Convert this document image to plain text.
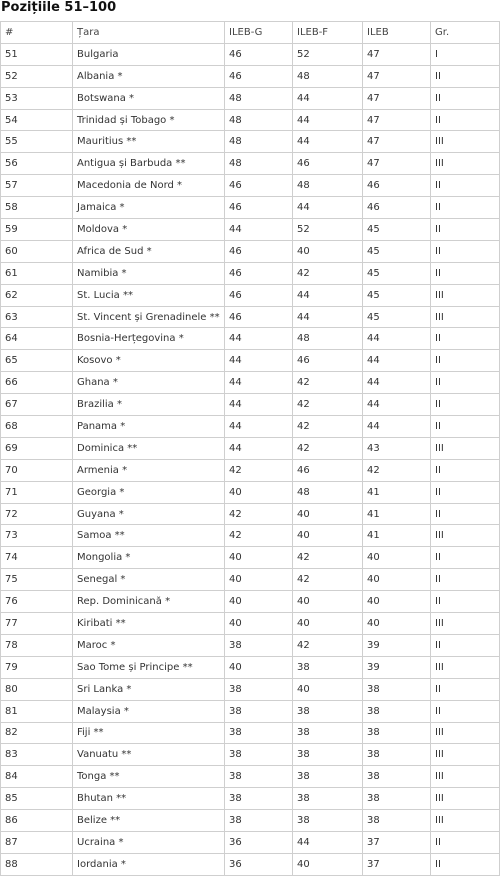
Pozițiile 51–100
#	Țara	ILEB-G	ILEB-F	ILEB	Gr.
51	Bulgaria	46	52	47	I
52	Albania *	46	48	47	II
53	Botswana *	48	44	47	II
54	Trinidad și Tobago *	48	44	47	II
55	Mauritius **	48	44	47	III
56	Antigua și Barbuda **	48	46	47	III
57	Macedonia de Nord *	46	48	46	II
58	Jamaica *	46	44	46	II
59	Moldova *	44	52	45	II
60	Africa de Sud *	46	40	45	II
61	Namibia *	46	42	45	II
62	St. Lucia **	46	44	45	III
63	St. Vincent și Grenadinele **	46	44	45	III
64	Bosnia-Herțegovina *	44	48	44	II
65	Kosovo *	44	46	44	II
66	Ghana *	44	42	44	II
67	Brazilia *	44	42	44	II
68	Panama *	44	42	44	II
69	Dominica **	44	42	43	III
70	Armenia *	42	46	42	II
71	Georgia *	40	48	41	II
72	Guyana *	42	40	41	II
73	Samoa **	42	40	41	III
74	Mongolia *	40	42	40	II
75	Senegal *	40	42	40	II
76	Rep. Dominicană *	40	40	40	II
77	Kiribati **	40	40	40	III
78	Maroc *	38	42	39	II
79	Sao Tome și Principe **	40	38	39	III
80	Sri Lanka *	38	40	38	II
81	Malaysia *	38	38	38	II
82	Fiji **	38	38	38	III
83	Vanuatu **	38	38	38	III
84	Tonga **	38	38	38	III
85	Bhutan **	38	38	38	III
86	Belize **	38	38	38	III
87	Ucraina *	36	44	37	II
88	Iordania *	36	40	37	II
